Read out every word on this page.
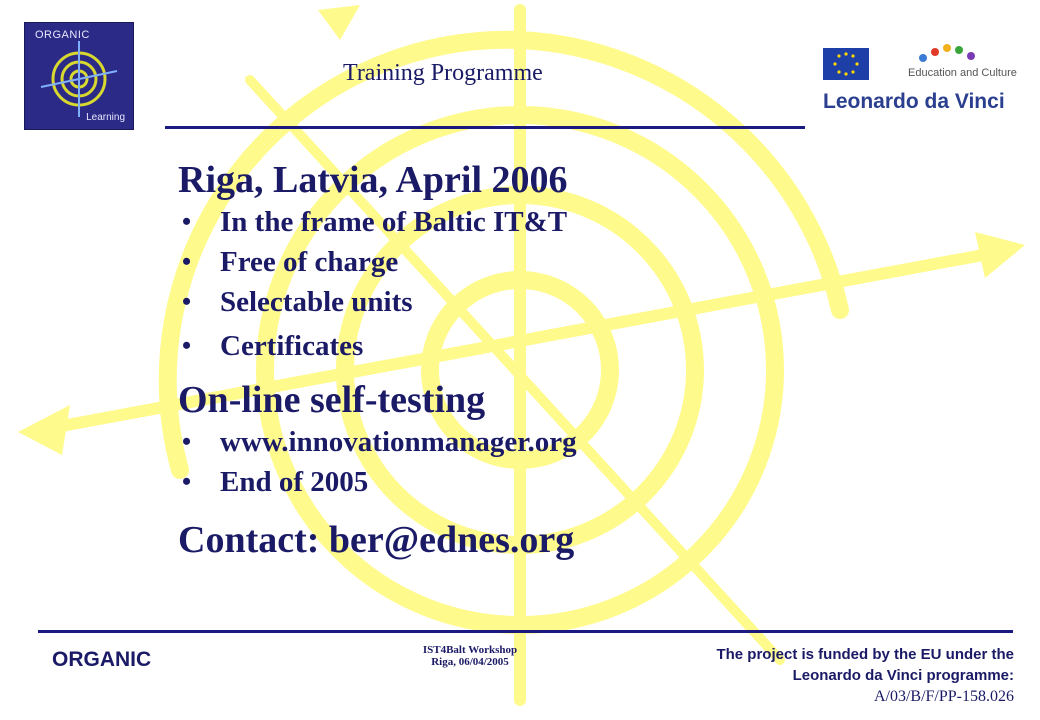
ORGANIC
Learning
Training Programme	Education and Culture
Leonardo da Vinci
Riga, Latvia, April 2006
• In the frame of Baltic IT&T
• Free of charge
• Selectable units
• Certificates
On-line self-testing
• www.innovationmanager.org
• End of 2005
Contact: ber@ednes.org
ORGANIC	IST4Balt Workshop
Riga, 06/04/2005	The project is funded by the EU under the
Leonardo da Vinci programme:
A/03/B/F/PP-158.026
